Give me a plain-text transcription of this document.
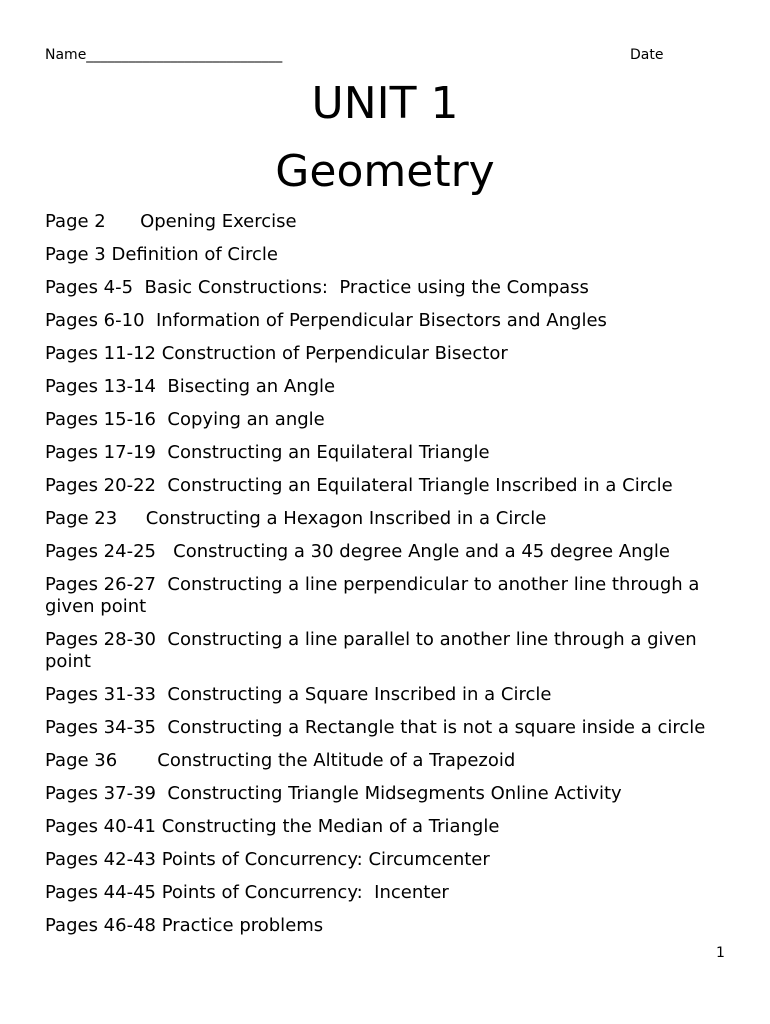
Name____________________________	Date
UNIT 1
Geometry
Page 2      Opening Exercise
Page 3 Definition of Circle
Pages 4-5  Basic Constructions:  Practice using the Compass
Pages 6-10  Information of Perpendicular Bisectors and Angles
Pages 11-12 Construction of Perpendicular Bisector
Pages 13-14  Bisecting an Angle
Pages 15-16  Copying an angle
Pages 17-19  Constructing an Equilateral Triangle
Pages 20-22  Constructing an Equilateral Triangle Inscribed in a Circle
Page 23     Constructing a Hexagon Inscribed in a Circle
Pages 24-25   Constructing a 30 degree Angle and a 45 degree Angle
Pages 26-27  Constructing a line perpendicular to another line through a given point
Pages 28-30  Constructing a line parallel to another line through a given point
Pages 31-33  Constructing a Square Inscribed in a Circle
Pages 34-35  Constructing a Rectangle that is not a square inside a circle
Page 36       Constructing the Altitude of a Trapezoid
Pages 37-39  Constructing Triangle Midsegments Online Activity
Pages 40-41 Constructing the Median of a Triangle
Pages 42-43 Points of Concurrency: Circumcenter
Pages 44-45 Points of Concurrency:  Incenter
Pages 46-48 Practice problems
1
